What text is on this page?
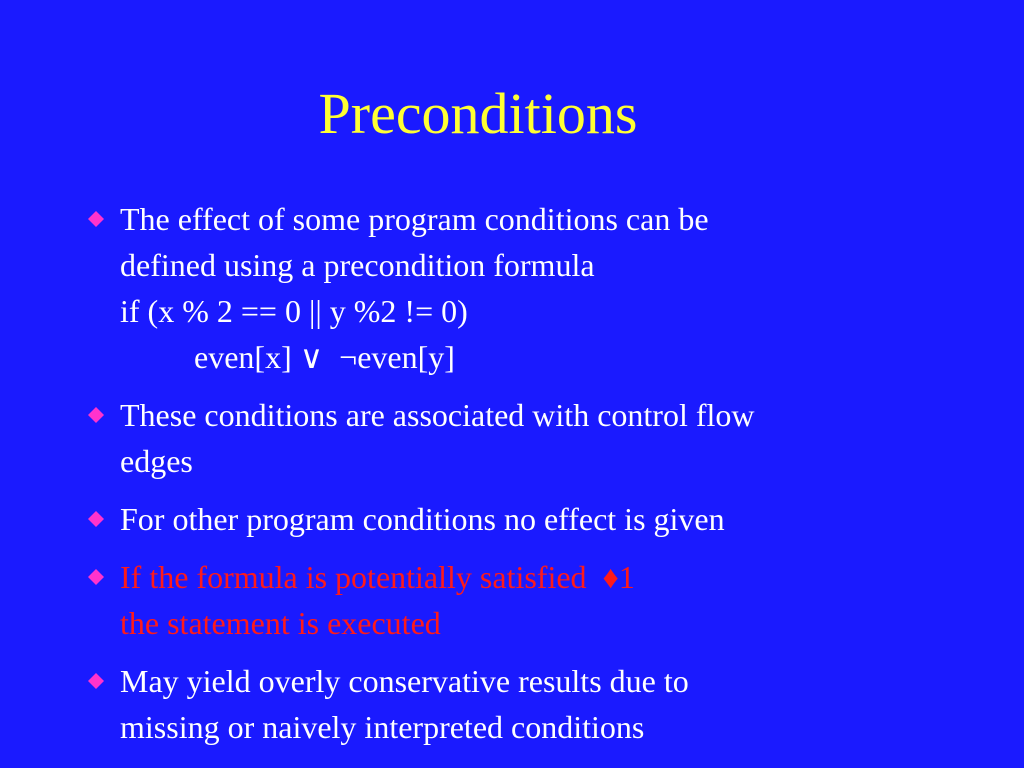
Preconditions
The effect of some program conditions can be
defined using a precondition formula
if (x % 2 == 0 || y %2 != 0)
even[x] ∨  ¬even[y]
These conditions are associated with control flow
edges
For other program conditions no effect is given
If the formula is potentially satisfied  ♦1
the statement is executed
May yield overly conservative results due to
missing or naively interpreted conditions
